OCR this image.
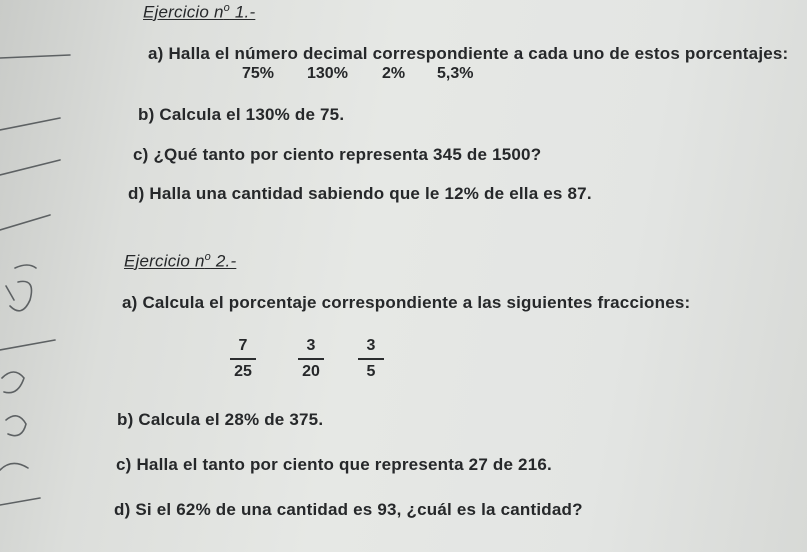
Ejercicio $n^o$ 1.-
a) Halla el número decimal correspondiente a cada uno de estos porcentajes:
75% 130% 2% 5,3%
b) Calcula el 130% de 75.
c) ¿Qué tanto por ciento representa 345 de 1500?
d) Halla una cantidad sabiendo que le 12% de ella es 87.
Ejercicio $n^o$ 2.-
a) Calcula el porcentaje correspondiente a las siguientes fracciones:
7
25
3
20
3
5
b) Calcula el 28% de 375.
c) Halla el tanto por ciento que representa 27 de 216.
d) Si el 62% de una cantidad es 93, ¿cuál es la cantidad?
